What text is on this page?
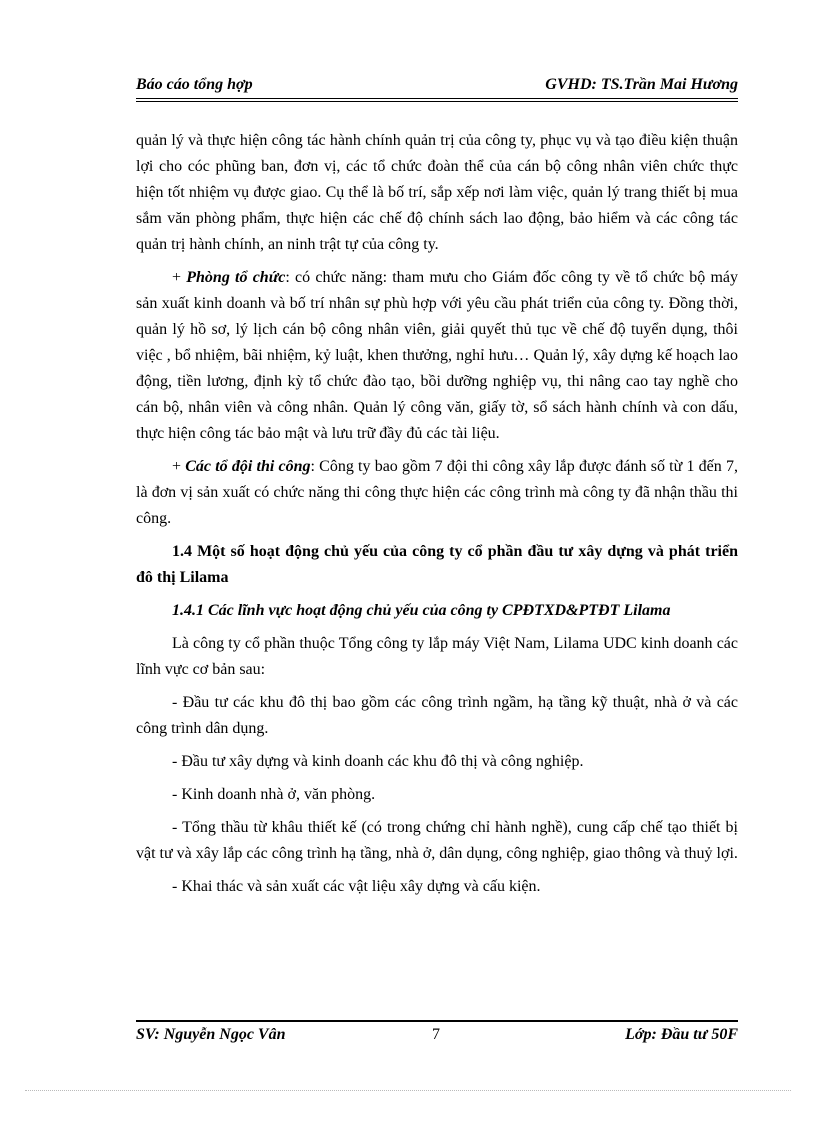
Báo cáo tổng hợp	GVHD: TS.Trần Mai Hương

quản lý và thực hiện công tác hành chính quản trị của công ty, phục vụ và tạo điều kiện thuận lợi cho cóc phũng ban, đơn vị, các tổ chức đoàn thể của cán bộ công nhân viên chức thực hiện tốt nhiệm vụ được giao. Cụ thể là bố trí, sắp xếp nơi làm việc, quản lý trang thiết bị mua sắm văn phòng phẩm, thực hiện các chế độ chính sách lao động, bảo hiểm và các công tác quản trị hành chính, an ninh trật tự của công ty.

+ Phòng tổ chức: có chức năng: tham mưu cho Giám đốc công ty về tổ chức bộ máy sản xuất kinh doanh và bố trí nhân sự phù hợp với yêu cầu phát triển của công ty. Đồng thời, quản lý hồ sơ, lý lịch cán bộ công nhân viên, giải quyết thủ tục về chế độ tuyển dụng, thôi việc , bổ nhiệm, bãi nhiệm, kỷ luật, khen thưởng, nghỉ hưu… Quản lý, xây dựng kế hoạch lao động, tiền lương, định kỳ tổ chức đào tạo, bồi dưỡng nghiệp vụ, thi nâng cao tay nghề cho cán bộ, nhân viên và công nhân. Quản lý công văn, giấy tờ, sổ sách hành chính và con dấu, thực hiện công tác bảo mật và lưu trữ đầy đủ các tài liệu.

+ Các tổ đội thi công: Công ty bao gồm 7 đội thi công xây lắp được đánh số từ 1 đến 7, là đơn vị sản xuất có chức năng thi công thực hiện các công trình mà công ty đã nhận thầu thi công.

1.4 Một số hoạt động chủ yếu của công ty cổ phần đầu tư xây dựng và phát triển đô thị Lilama

1.4.1 Các lĩnh vực hoạt động chủ yếu của công ty CPĐTXD&PTĐT Lilama

Là công ty cổ phần thuộc Tổng công ty lắp máy Việt Nam, Lilama UDC kinh doanh các lĩnh vực cơ bản sau:

- Đầu tư các khu đô thị bao gồm các công trình ngầm, hạ tầng kỹ thuật, nhà ở và các công trình dân dụng.

- Đầu tư xây dựng và kinh doanh các khu đô thị và công nghiệp.

- Kinh doanh nhà ở, văn phòng.

- Tổng thầu từ khâu thiết kế (có trong chứng chỉ hành nghề), cung cấp chế tạo thiết bị vật tư và xây lắp các công trình hạ tầng, nhà ở, dân dụng, công nghiệp, giao thông và thuỷ lợi.

- Khai thác và sản xuất các vật liệu xây dựng và cấu kiện.

SV: Nguyễn Ngọc Vân	7	Lớp: Đầu tư 50F
